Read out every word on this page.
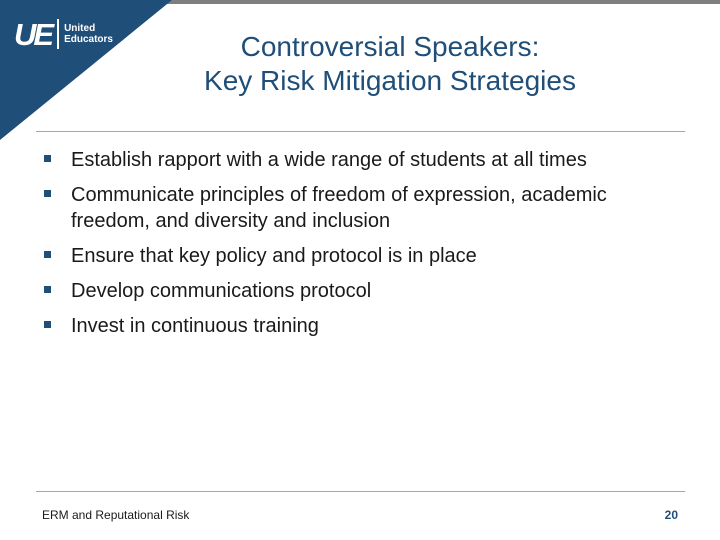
UE United
Educators	Controversial Speakers:
Key Risk Mitigation Strategies
Establish rapport with a wide range of students at all times
Communicate principles of freedom of expression, academic freedom, and diversity and inclusion
Ensure that key policy and protocol is in place
Develop communications protocol
Invest in continuous training
ERM and Reputational Risk	20
